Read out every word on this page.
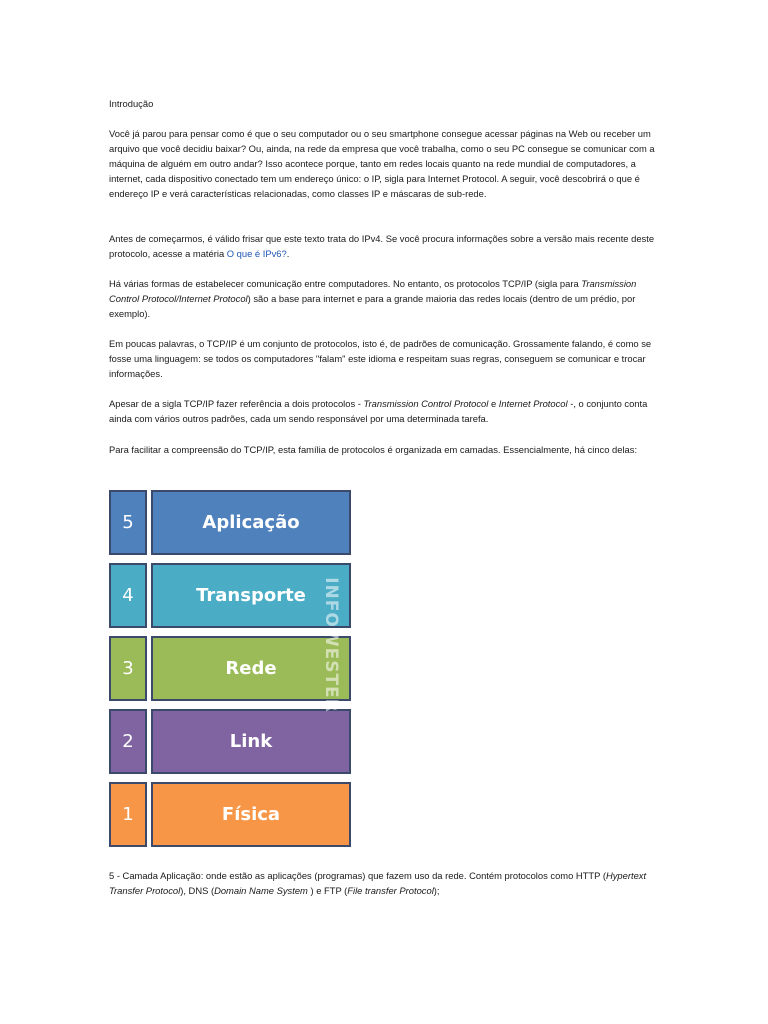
Introdução

Você já parou para pensar como é que o seu computador ou o seu smartphone consegue acessar páginas na Web ou receber um arquivo que você decidiu baixar? Ou, ainda, na rede da empresa que você trabalha, como o seu PC consegue se comunicar com a máquina de alguém em outro andar? Isso acontece porque, tanto em redes locais quanto na rede mundial de computadores, a internet, cada dispositivo conectado tem um endereço único: o IP, sigla para Internet Protocol. A seguir, você descobrirá o que é endereço IP e verá características relacionadas, como classes IP e máscaras de sub-rede.

Antes de começarmos, é válido frisar que este texto trata do IPv4. Se você procura informações sobre a versão mais recente deste protocolo, acesse a matéria O que é IPv6?.

Há várias formas de estabelecer comunicação entre computadores. No entanto, os protocolos TCP/IP (sigla para Transmission Control Protocol/Internet Protocol) são a base para internet e para a grande maioria das redes locais (dentro de um prédio, por exemplo).

Em poucas palavras, o TCP/IP é um conjunto de protocolos, isto é, de padrões de comunicação. Grossamente falando, é como se fosse uma linguagem: se todos os computadores "falam" este idioma e respeitam suas regras, conseguem se comunicar e trocar informações.

Apesar de a sigla TCP/IP fazer referência a dois protocolos - Transmission Control Protocol e Internet Protocol -, o conjunto conta ainda com vários outros padrões, cada um sendo responsável por uma determinada tarefa.

Para facilitar a compreensão do TCP/IP, esta família de protocolos é organizada em camadas. Essencialmente, há cinco delas:

5 - Camada Aplicação: onde estão as aplicações (programas) que fazem uso da rede. Contém protocolos como HTTP (Hypertext Transfer Protocol), DNS (Domain Name System ) e FTP (File transfer Protocol);

5	Aplicação
4	Transporte
3	Rede
2	Link
1	Física
INFOWESTER
